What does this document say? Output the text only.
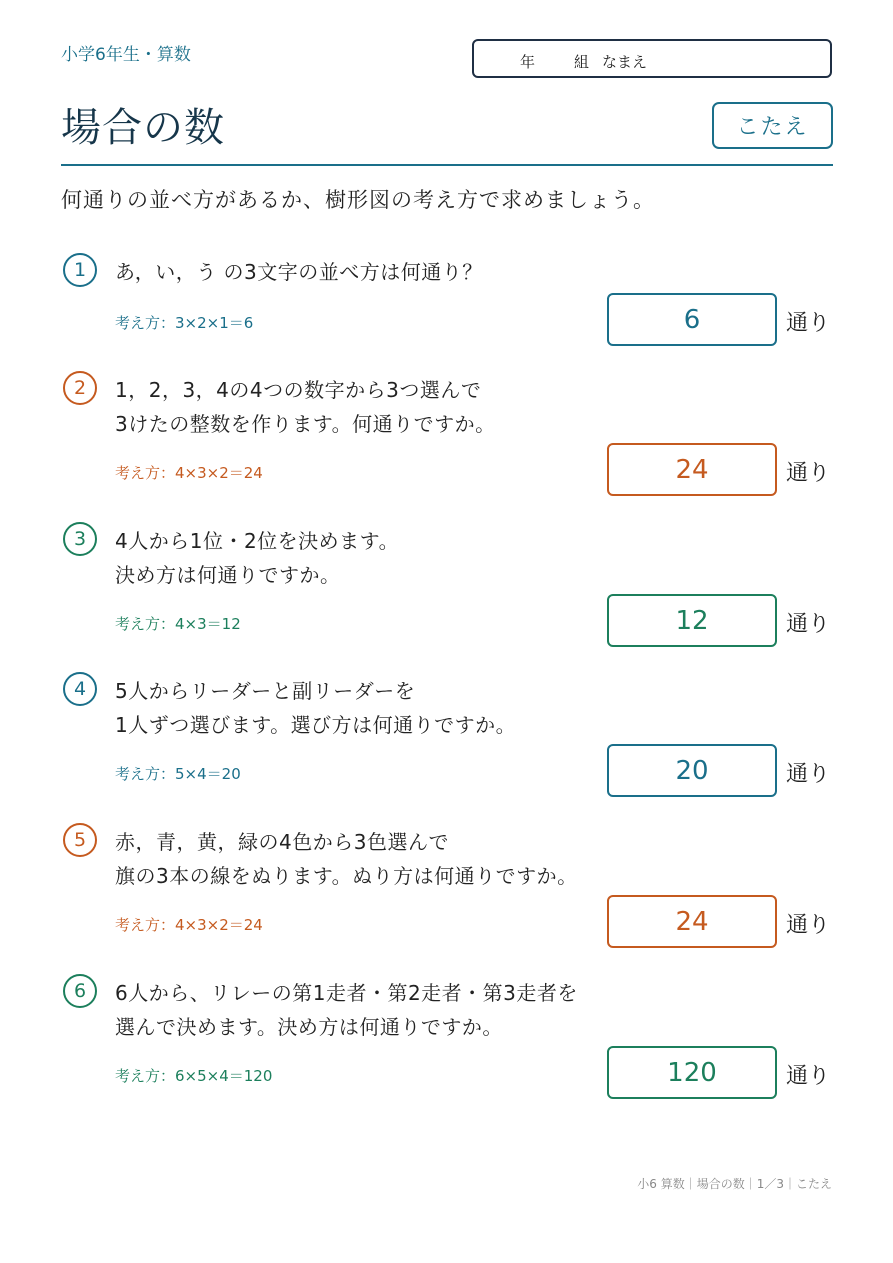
小学6年生・算数	年	組 なまえ
場合の数	こたえ
何通りの並べ方があるか、樹形図の考え方で求めましょう。
1	あ，い，う の3文字の並べ方は何通り？
考え方：3×2×1＝6	6	通り
2	1，2，3，4の4つの数字から3つ選んで
3けたの整数を作ります。何通りですか。
考え方：4×3×2＝24	24	通り
3	4人から1位・2位を決めます。
決め方は何通りですか。
考え方：4×3＝12	12	通り
4	5人からリーダーと副リーダーを
1人ずつ選びます。選び方は何通りですか。
考え方：5×4＝20	20	通り
5	赤，青，黄，緑の4色から3色選んで
旗の3本の線をぬります。ぬり方は何通りですか。
考え方：4×3×2＝24	24	通り
6	6人から、リレーの第1走者・第2走者・第3走者を
選んで決めます。決め方は何通りですか。
考え方：6×5×4＝120	120	通り
小6 算数｜場合の数｜1／3｜こたえ
